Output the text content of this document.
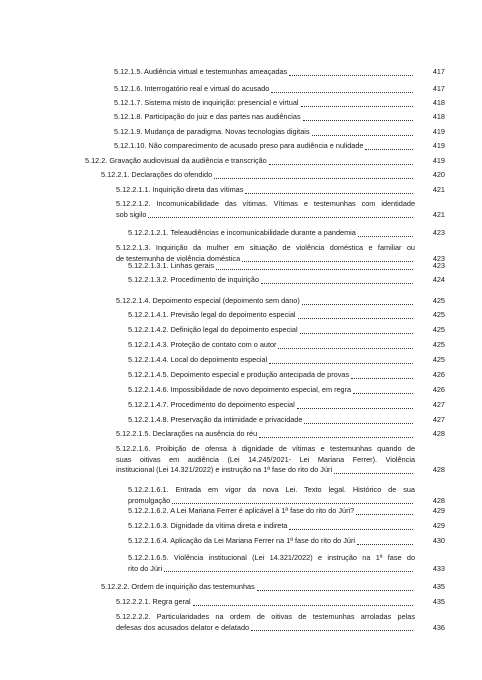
5.12.1.5. Audiência virtual e testemunhas ameaçadas	417
5.12.1.6. Interrogatório real e virtual do acusado	417
5.12.1.7. Sistema misto de inquirição: presencial e virtual	418
5.12.1.8. Participação do juiz e das partes nas audiências	418
5.12.1.9. Mudança de paradigma. Novas tecnologias digitais	419
5.12.1.10. Não comparecimento de acusado preso para audiência e nulidade	419
5.12.2. Gravação audiovisual da audiência e transcrição	419
5.12.2.1. Declarações do ofendido	420
5.12.2.1.1. Inquirição direta das vítimas	421
5.12.2.1.2. Incomunicabilidade das vítimas. Vítimas e testemunhas com identidade
sob sigilo	421
5.12.2.1.2.1. Teleaudiências e incomunicabilidade durante a pandemia	423
5.12.2.1.3. Inquirição da mulher em situação de violência doméstica e familiar ou
de testemunha de violência doméstica	423
5.12.2.1.3.1. Linhas gerais	423
5.12.2.1.3.2. Procedimento de inquirição	424
5.12.2.1.4. Depoimento especial (depoimento sem dano)	425
5.12.2.1.4.1. Previsão legal do depoimento especial	425
5.12.2.1.4.2. Definição legal do depoimento especial	425
5.12.2.1.4.3. Proteção de contato com o autor	425
5.12.2.1.4.4. Local do depoimento especial	425
5.12.2.1.4.5. Depoimento especial e produção antecipada de provas	426
5.12.2.1.4.6. Impossibilidade de novo depoimento especial, em regra	426
5.12.2.1.4.7. Procedimento do depoimento especial	427
5.12.2.1.4.8. Preservação da intimidade e privacidade	427
5.12.2.1.5. Declarações na ausência do réu	428
5.12.2.1.6. Proibição de ofensa à dignidade de vítimas e testemunhas quando de
suas oitivas em audiência (Lei 14.245/2021- Lei Mariana Ferrer). Violência
institucional (Lei 14.321/2022) e instrução na 1ª fase do rito do Júri	428
5.12.2.1.6.1. Entrada em vigor da nova Lei. Texto legal. Histórico de sua
promulgação	428
5.12.2.1.6.2. A Lei Mariana Ferrer é aplicável à 1ª fase do rito do Júri?	429
5.12.2.1.6.3. Dignidade da vítima direta e indireta	429
5.12.2.1.6.4. Aplicação da Lei Mariana Ferrer na 1ª fase do rito do Júri	430
5.12.2.1.6.5. Violência institucional (Lei 14.321/2022) e instrução na 1ª fase do
rito do Júri	433
5.12.2.2. Ordem de inquirição das testemunhas	435
5.12.2.2.1. Regra geral	435
5.12.2.2.2. Particularidades na ordem de oitivas de testemunhas arroladas pelas
defesas dos acusados delator e delatado	436
